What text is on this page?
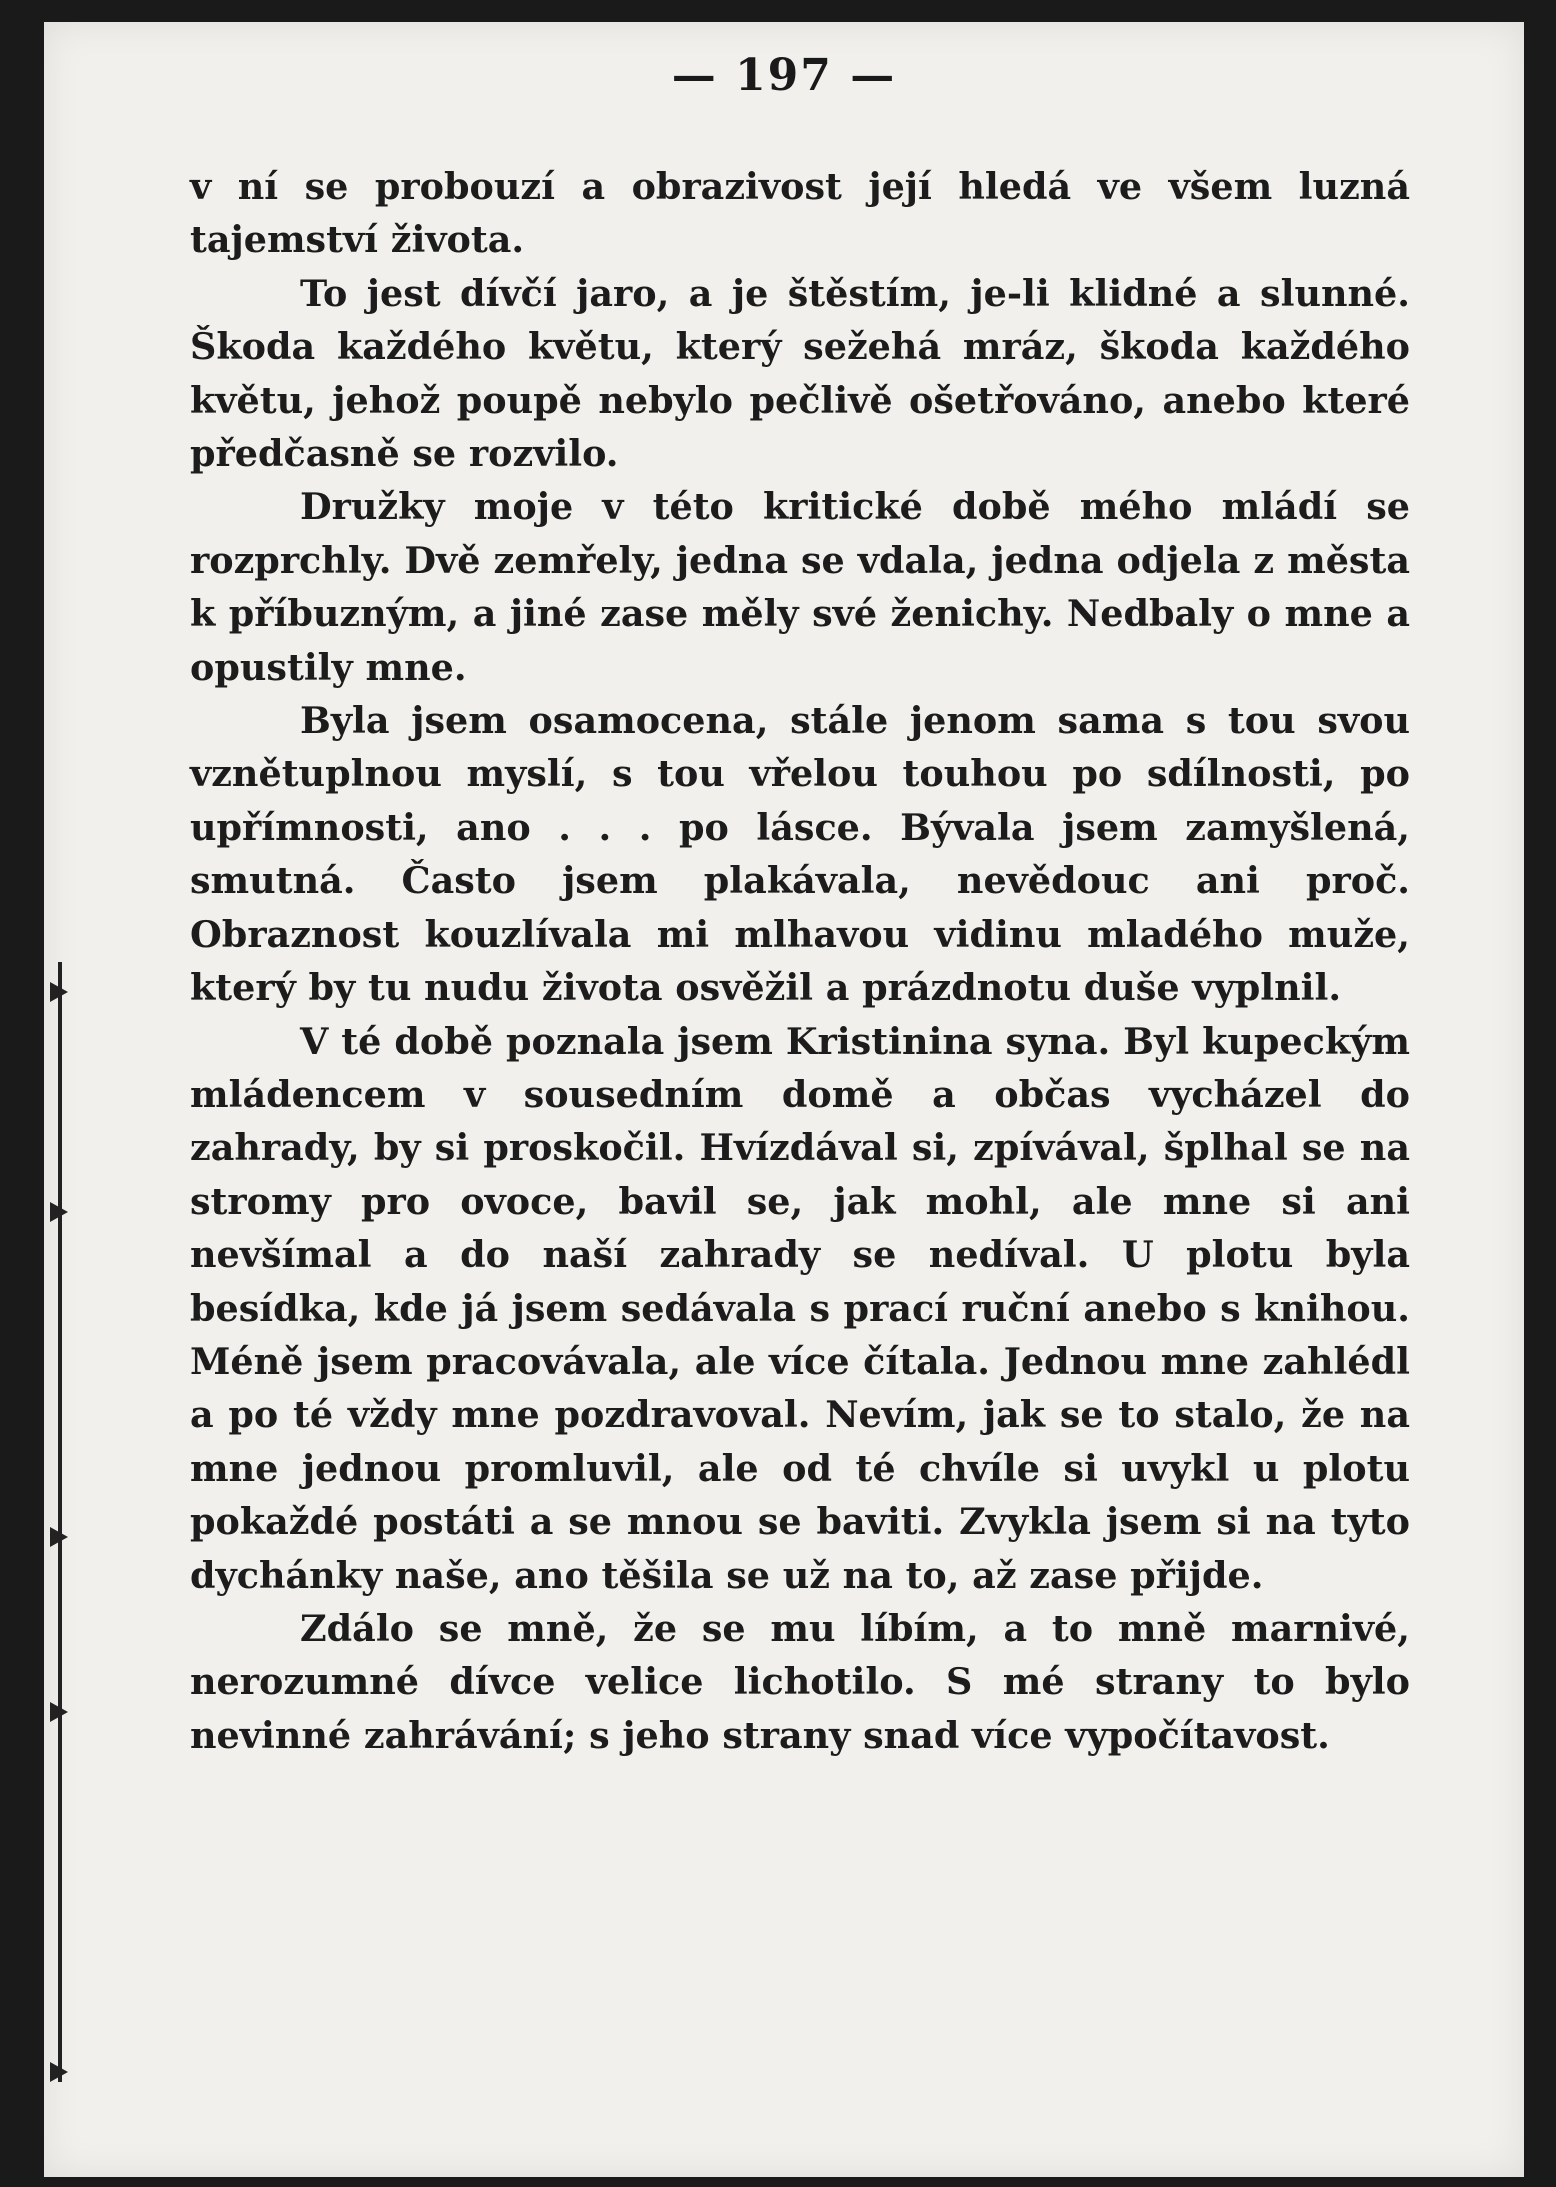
— 197 —

v ní se probouzí a obrazivost její hledá ve všem luzná tajemství života.

To jest dívčí jaro, a je štěstím, je-li klidné a slunné. Škoda každého květu, který sežehá mráz, škoda každého květu, jehož poupě nebylo pečlivě ošetřováno, anebo které předčasně se rozvilo.

Družky moje v této kritické době mého mládí se rozprchly. Dvě zemřely, jedna se vdala, jedna odjela z města k příbuzným, a jiné zase měly své ženichy. Nedbaly o mne a opustily mne.

Byla jsem osamocena, stále jenom sama s tou svou vznětuplnou myslí, s tou vřelou touhou po sdílnosti, po upřímnosti, ano . . . po lásce. Bývala jsem zamyšlená, smutná. Často jsem plakávala, nevědouc ani proč. Obraznost kouzlívala mi mlhavou vidinu mladého muže, který by tu nudu života osvěžil a prázdnotu duše vyplnil.

V té době poznala jsem Kristinina syna. Byl kupeckým mládencem v sousedním domě a občas vycházel do zahrady, by si proskočil. Hvízdával si, zpívával, šplhal se na stromy pro ovoce, bavil se, jak mohl, ale mne si ani nevšímal a do naší zahrady se nedíval. U plotu byla besídka, kde já jsem sedávala s prací ruční anebo s knihou. Méně jsem pracovávala, ale více čítala. Jednou mne zahlédl a po té vždy mne pozdravoval. Nevím, jak se to stalo, že na mne jednou promluvil, ale od té chvíle si uvykl u plotu pokaždé postáti a se mnou se baviti. Zvykla jsem si na tyto dychánky naše, ano těšila se už na to, až zase přijde.

Zdálo se mně, že se mu líbím, a to mně marnivé, nerozumné dívce velice lichotilo. S mé strany to bylo nevinné zahrávání; s jeho strany snad více vypočítavost.
